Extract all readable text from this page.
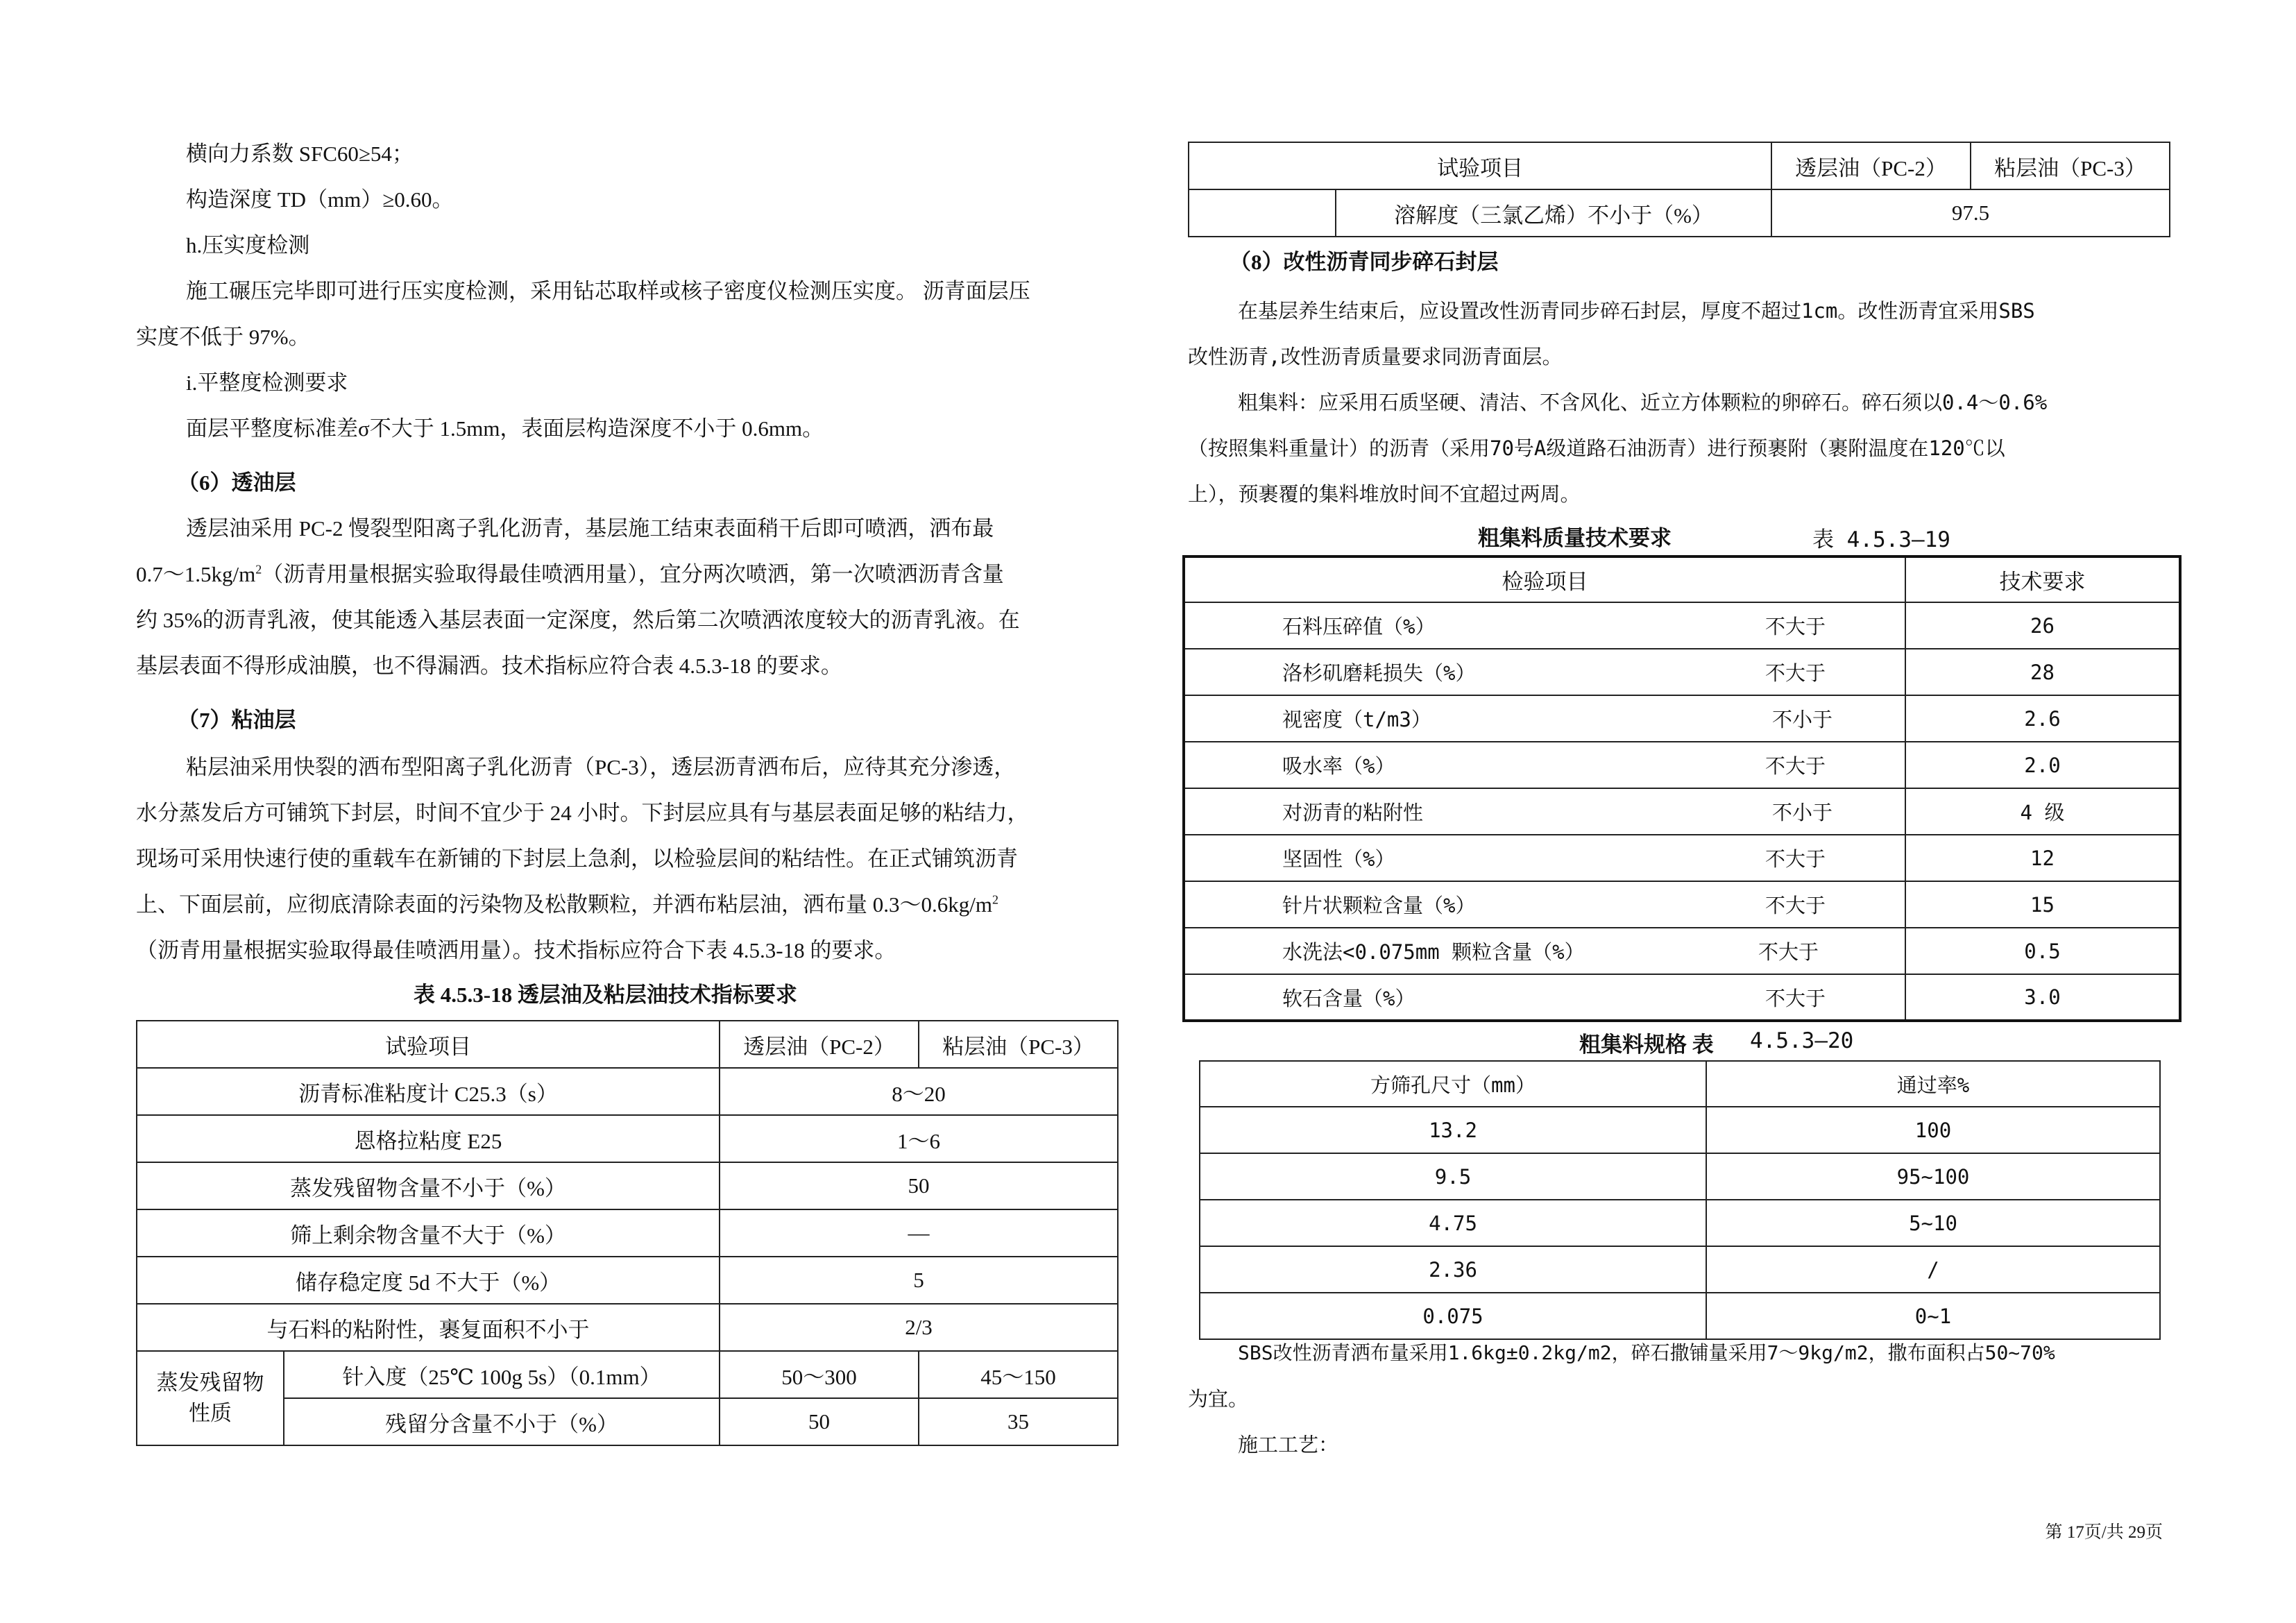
横向力系数 SFC60≥54；

构造深度 TD（mm）≥0.60。

h.压实度检测

施工碾压完毕即可进行压实度检测，采用钻芯取样或核子密度仪检测压实度。 沥青面层压

实度不低于 97%。

i.平整度检测要求

面层平整度标准差σ不大于 1.5mm，表面层构造深度不小于 0.6mm。

（6）透油层

透层油采用 PC-2 慢裂型阳离子乳化沥青，基层施工结束表面稍干后即可喷洒，洒布最

$0.7\sim 1.5kg/m^2$（沥青用量根据实验取得最佳喷洒用量），宜分两次喷洒，第一次喷洒沥青含量

约 35%的沥青乳液，使其能透入基层表面一定深度，然后第二次喷洒浓度较大的沥青乳液。在

基层表面不得形成油膜，也不得漏洒。技术指标应符合表 4.5.3-18 的要求。

（7）粘油层

粘层油采用快裂的洒布型阳离子乳化沥青（PC-3），透层沥青洒布后，应待其充分渗透，

水分蒸发后方可铺筑下封层，时间不宜少于 24 小时。下封层应具有与基层表面足够的粘结力，

现场可采用快速行使的重载车在新铺的下封层上急刹，以检验层间的粘结性。在正式铺筑沥青

上、下面层前，应彻底清除表面的污染物及松散颗粒，并洒布粘层油，洒布量 $0.3\sim 0.6kg/m^2$

（沥青用量根据实验取得最佳喷洒用量）。技术指标应符合下表 4.5.3-18 的要求。

表 4.5.3-18 透层油及粘层油技术指标要求
试验项目		透层油（PC-2）	粘层油（PC-3）
沥青标准粘度计 C25.3（s）		8～20	
恩格拉粘度 E25		1～6	
蒸发残留物含量不小于（%）		50	
筛上剩余物含量不大于（%）		—	
储存稳定度 5d 不大于（%）		5	
与石料的粘附性，裹复面积不小于		2/3	
蒸发残留物
性质	针入度（25℃ 100g 5s）（0.1mm）	50～300	45～150
	残留分含量不小于（%）	50	35
试验项目		透层油（PC-2）	粘层油（PC-3）
	溶解度（三氯乙烯）不小于（%）	97.5	

（8）改性沥青同步碎石封层

在基层养生结束后，应设置改性沥青同步碎石封层，厚度不超过1cm。改性沥青宜采用SBS

改性沥青,改性沥青质量要求同沥青面层。

粗集料：应采用石质坚硬、清洁、不含风化、近立方体颗粒的卵碎石。碎石须以0.4～0.6%

（按照集料重量计）的沥青（采用70号A级道路石油沥青）进行预裹附（裹附温度在120℃以

上），预裹覆的集料堆放时间不宜超过两周。

粗集料质量技术要求	表 4.5.3—19
检验项目	技术要求
石料压碎值（%） 不大于	26
洛杉矶磨耗损失（%） 不大于	28
视密度（t/m3） 不小于	2.6
吸水率（%） 不大于	2.0
对沥青的粘附性 不小于	4 级
坚固性（%） 不大于	12
针片状颗粒含量（%） 不大于	15
水洗法<0.075mm 颗粒含量（%） 不大于	0.5
软石含量（%） 不大于	3.0
粗集料规格 表 4.5.3—20
方筛孔尺寸（mm）	通过率%
13.2	100
9.5	95~100
4.75	5~10
2.36	/
0.075	0~1

SBS改性沥青洒布量采用1.6kg±0.2kg/m2，碎石撒铺量采用7～9kg/m2，撒布面积占50~70%

为宜。

施工工艺：

第 17页/共 29页
